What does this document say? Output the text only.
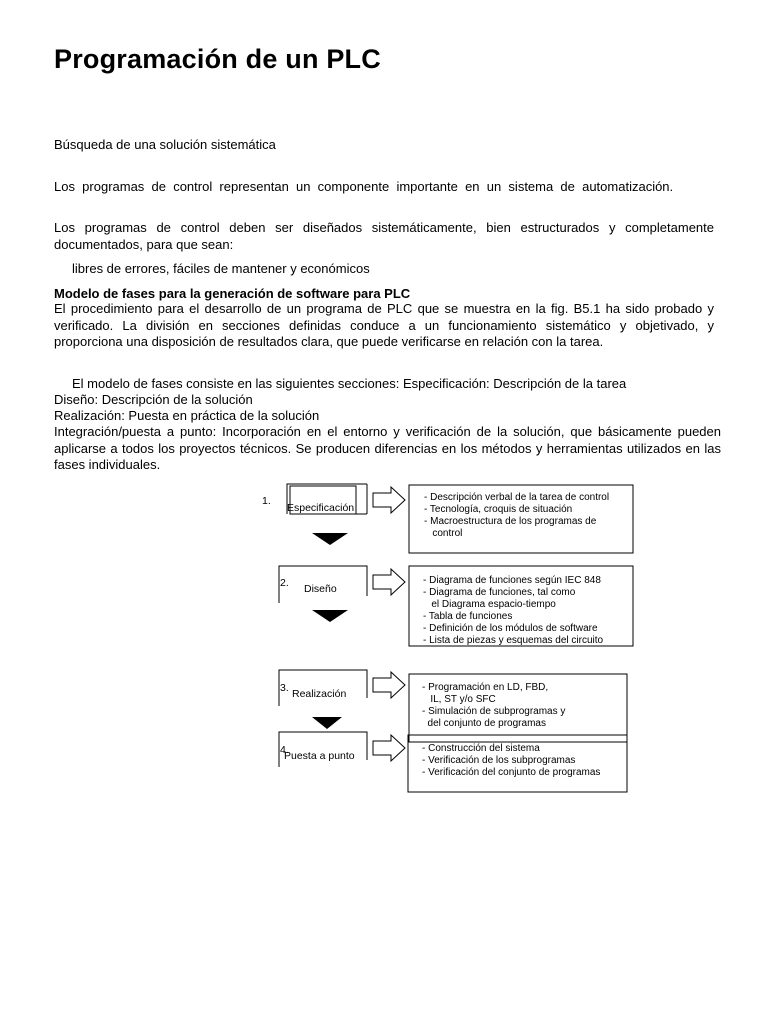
Programación de un PLC
Búsqueda de una solución sistemática
Los programas de control representan un componente importante en un sistema de automatización.
Los programas de control deben ser diseñados sistemáticamente, bien estructurados y completamente documentados, para que sean:
libres de errores, fáciles de mantener y económicos
Modelo de fases para la generación de software para PLC
El procedimiento para el desarrollo de un programa de PLC que se muestra en la fig. B5.1 ha sido probado y verificado. La división en secciones definidas conduce a un funcionamiento sistemático y objetivado, y proporciona una disposición de resultados clara, que puede verificarse en relación con la tarea.
El modelo de fases consiste en las siguientes secciones: Especificación: Descripción de la tarea
Diseño: Descripción de la solución
Realización: Puesta en práctica de la solución
Integración/puesta a punto: Incorporación en el entorno y verificación de la solución, que básicamente pueden aplicarse a todos los proyectos técnicos. Se producen diferencias en los métodos y herramientas utilizados en las fases individuales.
1.
Especificación
- Descripción verbal de la tarea de control
- Tecnología, croquis de situación
- Macroestructura de los programas de
control
2. Diseño
- Diagrama de funciones según IEC 848
- Diagrama de funciones, tal como
el Diagrama espacio-tiempo
- Tabla de funciones
- Definición de los módulos de software
- Lista de piezas y esquemas del circuito
3. Realización
- Programación en LD, FBD,
IL, ST y/o SFC
- Simulación de subprogramas y
del conjunto de programas
4.
Puesta a punto
- Construcción del sistema
- Verificación de los subprogramas
- Verificación del conjunto de programas
